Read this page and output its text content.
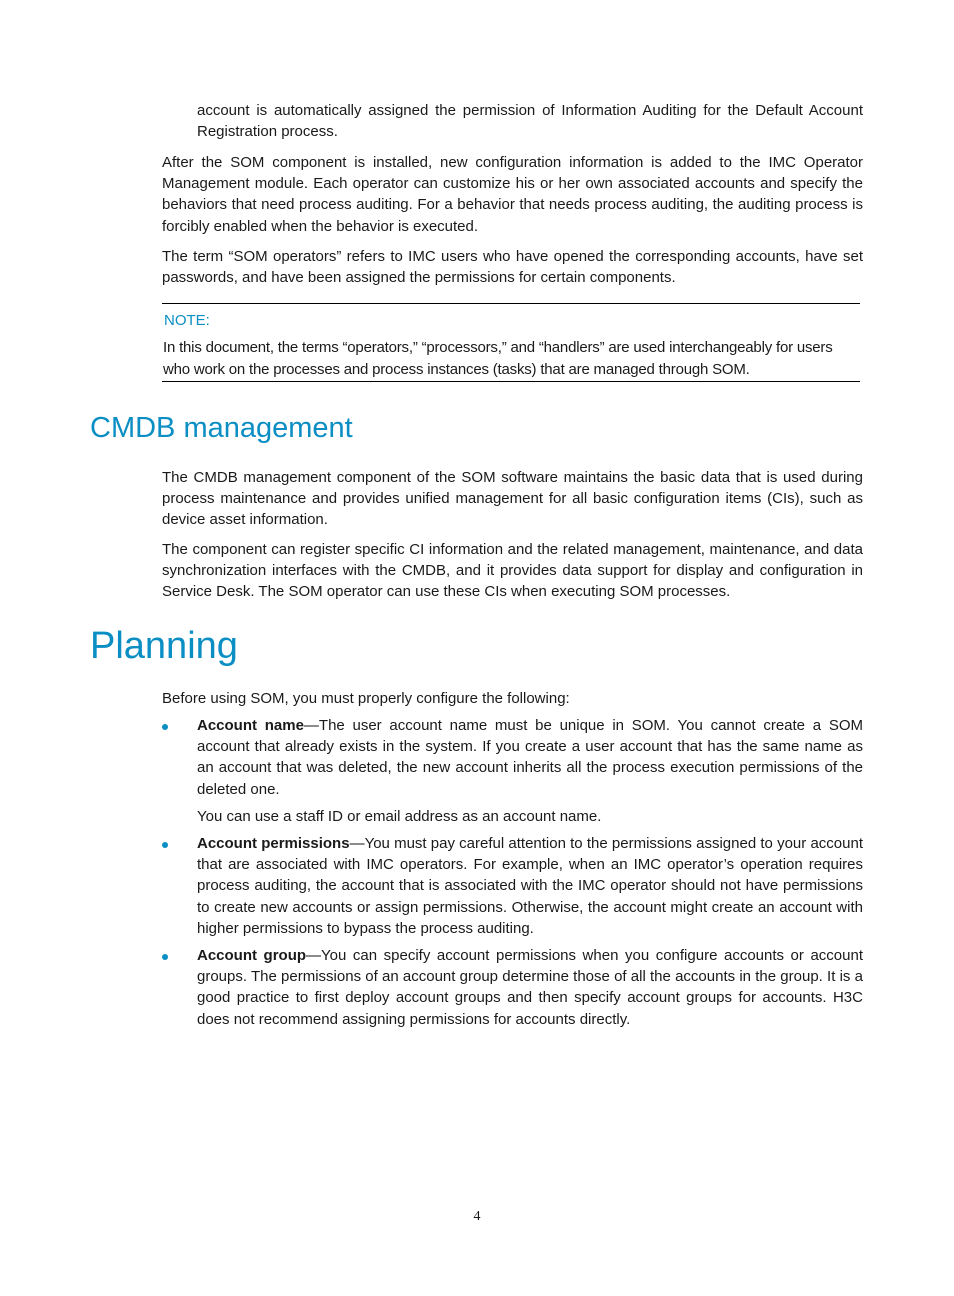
account is automatically assigned the permission of Information Auditing for the Default Account Registration process.

After the SOM component is installed, new configuration information is added to the IMC Operator Management module. Each operator can customize his or her own associated accounts and specify the behaviors that need process auditing. For a behavior that needs process auditing, the auditing process is forcibly enabled when the behavior is executed.

The term “SOM operators” refers to IMC users who have opened the corresponding accounts, have set passwords, and have been assigned the permissions for certain components.

NOTE:

In this document, the terms “operators,” “processors,” and “handlers” are used interchangeably for users who work on the processes and process instances (tasks) that are managed through SOM.

CMDB management

The CMDB management component of the SOM software maintains the basic data that is used during process maintenance and provides unified management for all basic configuration items (CIs), such as device asset information.

The component can register specific CI information and the related management, maintenance, and data synchronization interfaces with the CMDB, and it provides data support for display and configuration in Service Desk. The SOM operator can use these CIs when executing SOM processes.

Planning

Before using SOM, you must properly configure the following:

Account name—The user account name must be unique in SOM. You cannot create a SOM account that already exists in the system. If you create a user account that has the same name as an account that was deleted, the new account inherits all the process execution permissions of the deleted one.

You can use a staff ID or email address as an account name.

Account permissions—You must pay careful attention to the permissions assigned to your account that are associated with IMC operators. For example, when an IMC operator’s operation requires process auditing, the account that is associated with the IMC operator should not have permissions to create new accounts or assign permissions. Otherwise, the account might create an account with higher permissions to bypass the process auditing.

Account group—You can specify account permissions when you configure accounts or account groups. The permissions of an account group determine those of all the accounts in the group. It is a good practice to first deploy account groups and then specify account groups for accounts. H3C does not recommend assigning permissions for accounts directly.

4
